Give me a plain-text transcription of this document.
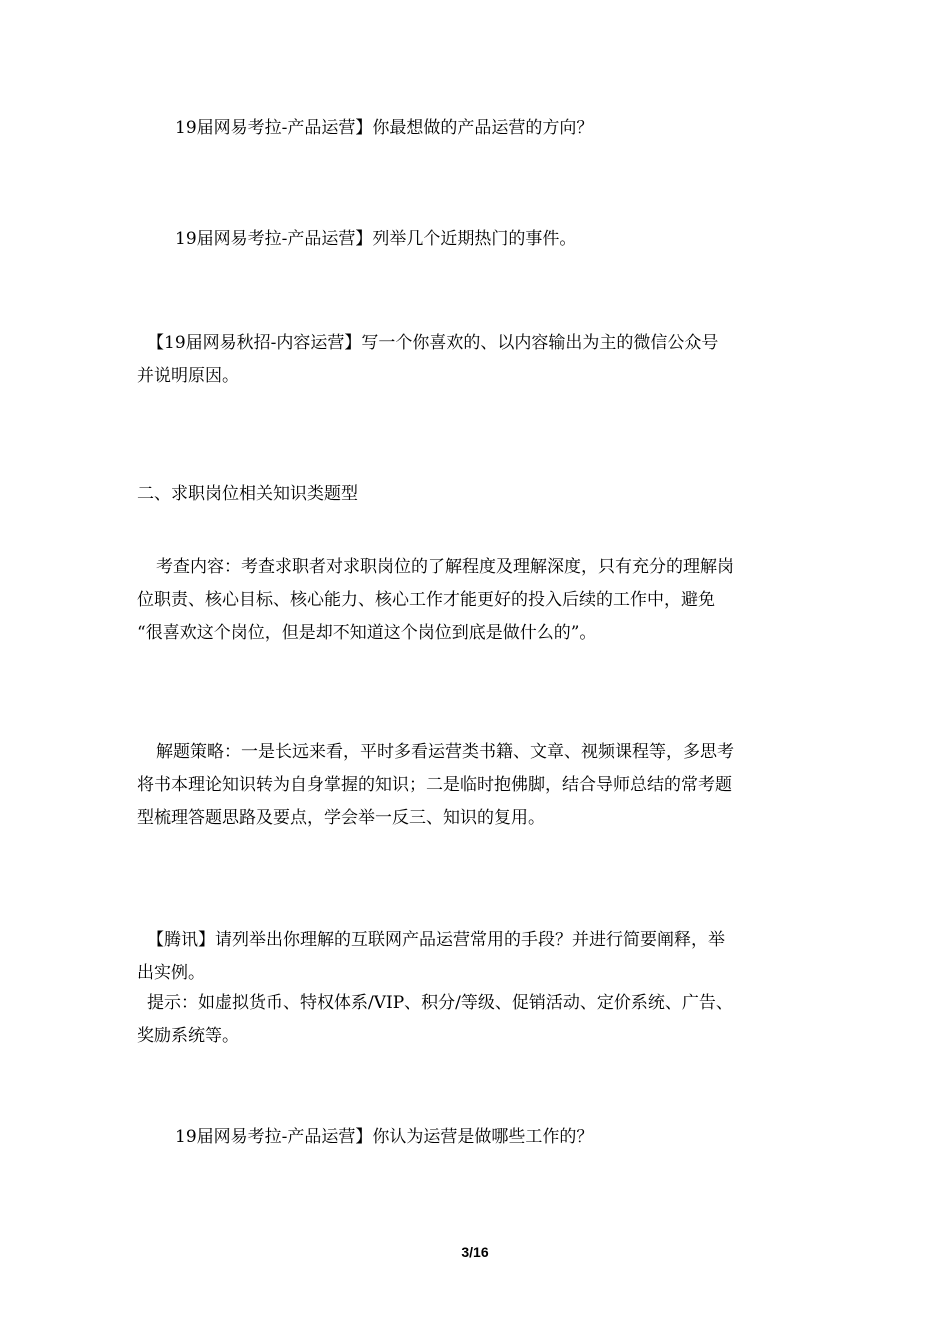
19届网易考拉-产品运营】你最想做的产品运营的方向？
19届网易考拉-产品运营】列举几个近期热门的事件。
【19届网易秋招-内容运营】写一个你喜欢的、以内容输出为主的微信公众号
并说明原因。
二、求职岗位相关知识类题型
考查内容：考查求职者对求职岗位的了解程度及理解深度，只有充分的理解岗
位职责、核心目标、核心能力、核心工作才能更好的投入后续的工作中，避免
“很喜欢这个岗位，但是却不知道这个岗位到底是做什么的”。
解题策略：一是长远来看，平时多看运营类书籍、文章、视频课程等，多思考
将书本理论知识转为自身掌握的知识；二是临时抱佛脚，结合导师总结的常考题
型梳理答题思路及要点，学会举一反三、知识的复用。
【腾讯】请列举出你理解的互联网产品运营常用的手段？并进行简要阐释，举
出实例。
提示：如虚拟货币、特权体系/VIP、积分/等级、促销活动、定价系统、广告、
奖励系统等。
19届网易考拉-产品运营】你认为运营是做哪些工作的？
3/16
